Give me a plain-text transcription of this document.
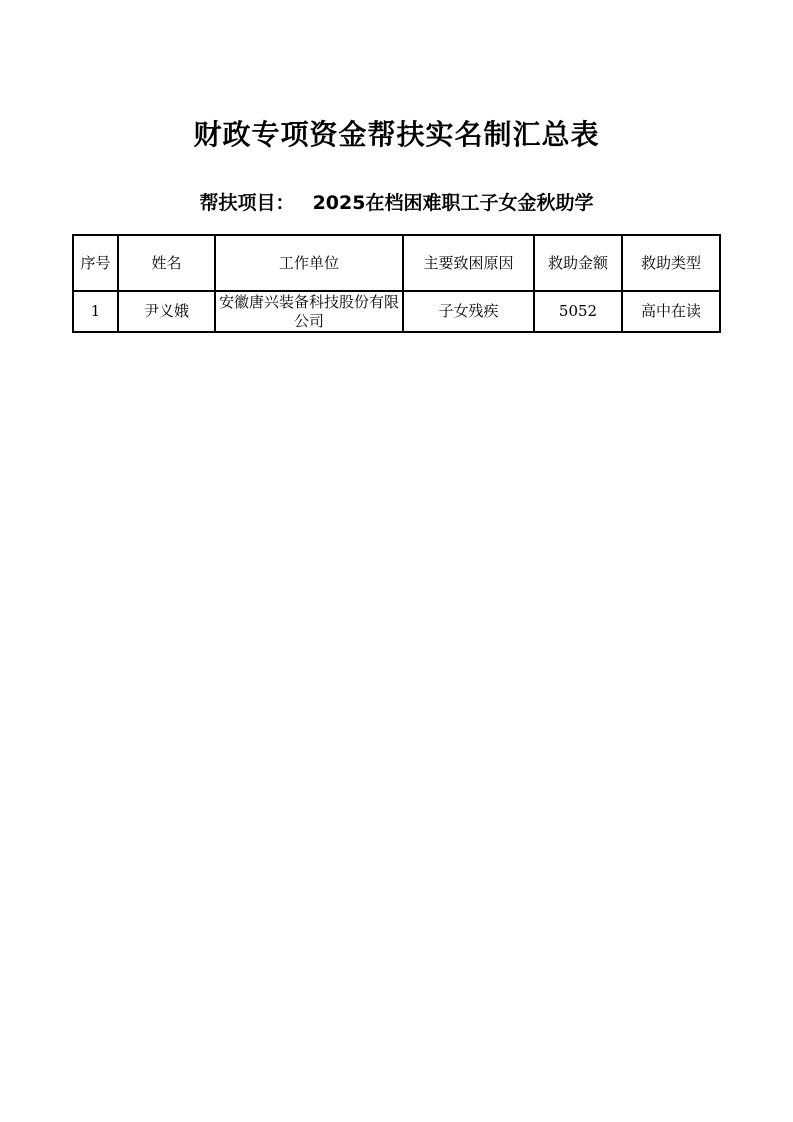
财政专项资金帮扶实名制汇总表
帮扶项目： 2025在档困难职工子女金秋助学
序号	姓名	工作单位	主要致困原因	救助金额	救助类型
1	尹义娥	安徽唐兴装备科技股份有限公司	子女残疾	5052	高中在读
